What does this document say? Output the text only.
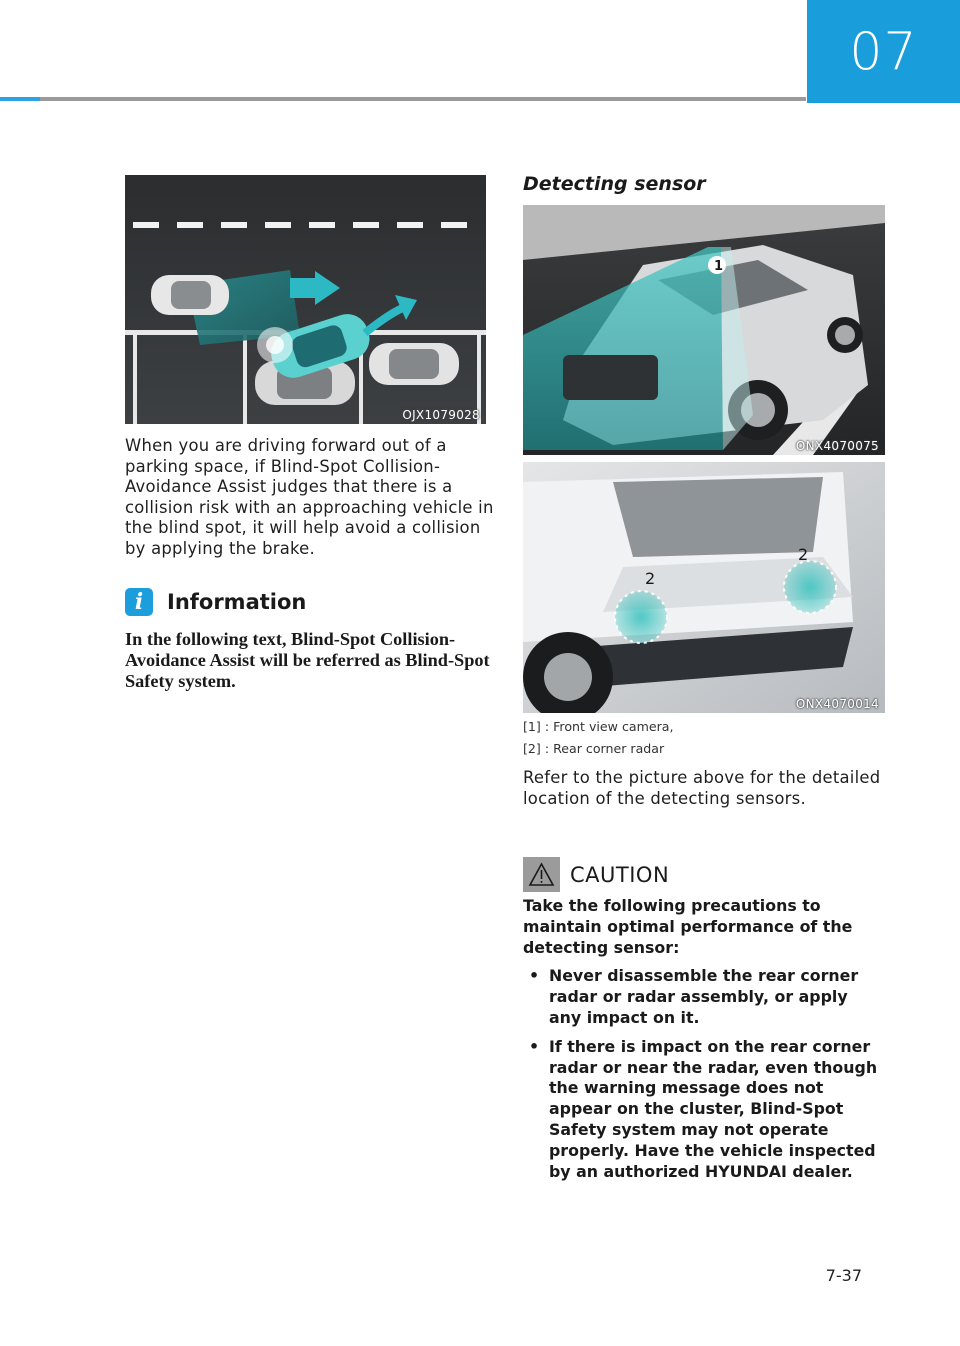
07
OJX1079028
When you are driving forward out of a parking space, if Blind-Spot Collision-Avoidance Assist judges that there is a collision risk with an approaching vehicle in the blind spot, it will help avoid a collision by applying the brake.
i	Information
In the following text, Blind-Spot Collision-Avoidance Assist will be referred as Blind-Spot Safety system.
Detecting sensor
1
ONX4070075
2
2
ONX4070014
[1] : Front view camera,
[2] : Rear corner radar
Refer to the picture above for the detailed location of the detecting sensors.
CAUTION
Take the following precautions to maintain optimal performance of the detecting sensor:
• Never disassemble the rear corner radar or radar assembly, or apply any impact on it.
• If there is impact on the rear corner radar or near the radar, even though the warning message does not appear on the cluster, Blind-Spot Safety system may not operate properly. Have the vehicle inspected by an authorized HYUNDAI dealer.
7-37
